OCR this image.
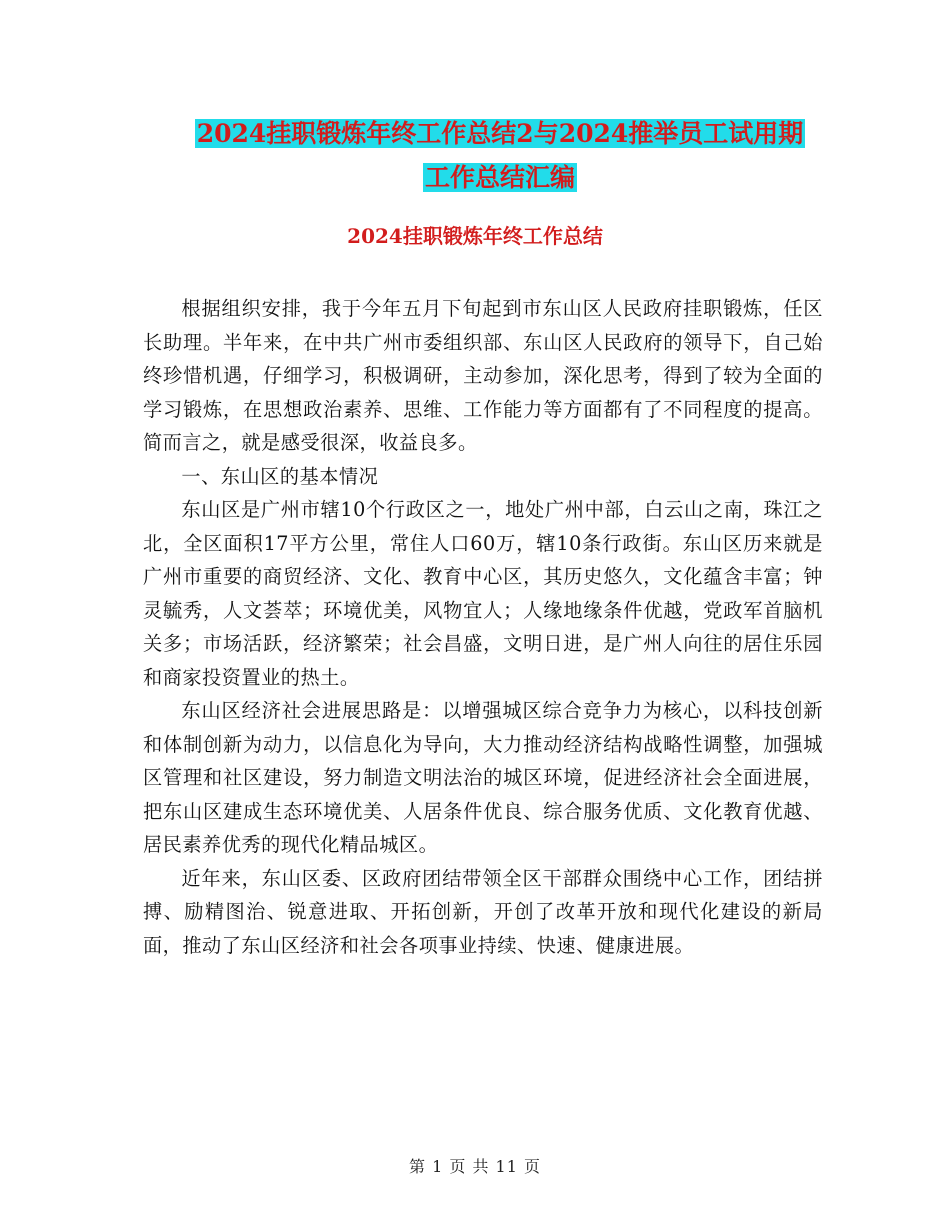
2024挂职锻炼年终工作总结2与2024推举员工试用期
工作总结汇编
2024挂职锻炼年终工作总结

根据组织安排，我于今年五月下旬起到市东山区人民政府挂职锻炼，任区长助理。半年来，在中共广州市委组织部、东山区人民政府的领导下，自己始终珍惜机遇，仔细学习，积极调研，主动参加，深化思考，得到了较为全面的学习锻炼，在思想政治素养、思维、工作能力等方面都有了不同程度的提高。简而言之，就是感受很深，收益良多。

一、东山区的基本情况

东山区是广州市辖10个行政区之一，地处广州中部，白云山之南，珠江之北，全区面积17平方公里，常住人口60万，辖10条行政街。东山区历来就是广州市重要的商贸经济、文化、教育中心区，其历史悠久，文化蕴含丰富；钟灵毓秀，人文荟萃；环境优美，风物宜人；人缘地缘条件优越，党政军首脑机关多；市场活跃，经济繁荣；社会昌盛，文明日进，是广州人向往的居住乐园和商家投资置业的热土。

东山区经济社会进展思路是：以增强城区综合竞争力为核心，以科技创新和体制创新为动力，以信息化为导向，大力推动经济结构战略性调整，加强城区管理和社区建设，努力制造文明法治的城区环境，促进经济社会全面进展，把东山区建成生态环境优美、人居条件优良、综合服务优质、文化教育优越、居民素养优秀的现代化精品城区。

近年来，东山区委、区政府团结带领全区干部群众围绕中心工作，团结拼搏、励精图治、锐意进取、开拓创新，开创了改革开放和现代化建设的新局面，推动了东山区经济和社会各项事业持续、快速、健康进展。

第 1 页 共 11 页
